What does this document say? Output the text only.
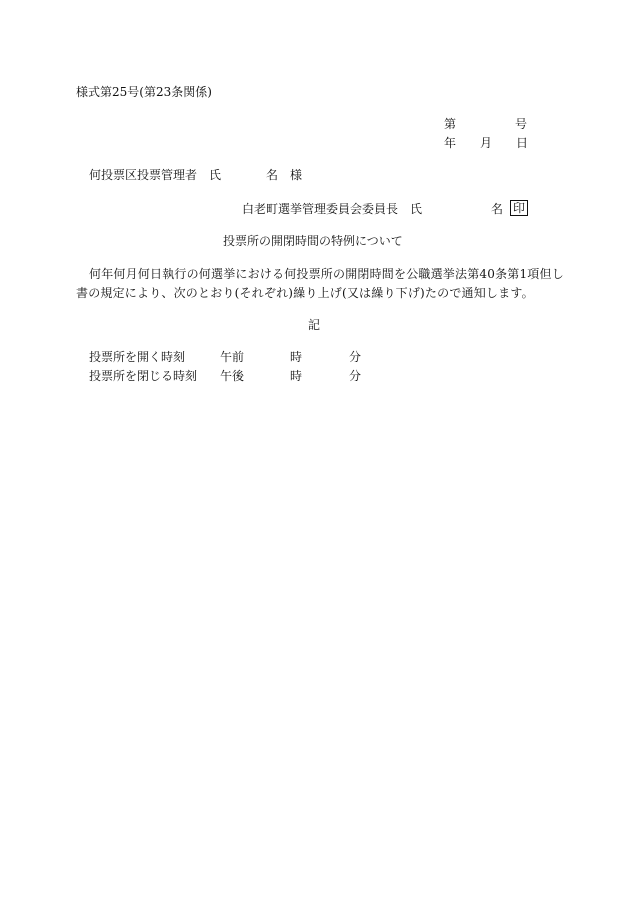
様式第25号(第23条関係)
第	号
年 月 日
何投票区投票管理者　氏	名 様
白老町選挙管理委員会委員長　氏	名 印
投票所の開閉時間の特例について
何年何月何日執行の何選挙における何投票所の開閉時間を公職選挙法第40条第1項但し
書の規定により、次のとおり(それぞれ)繰り上げ(又は繰り下げ)たので通知します。
記
投票所を開く時刻	午前	時	分
投票所を閉じる時刻 午後	時	分
